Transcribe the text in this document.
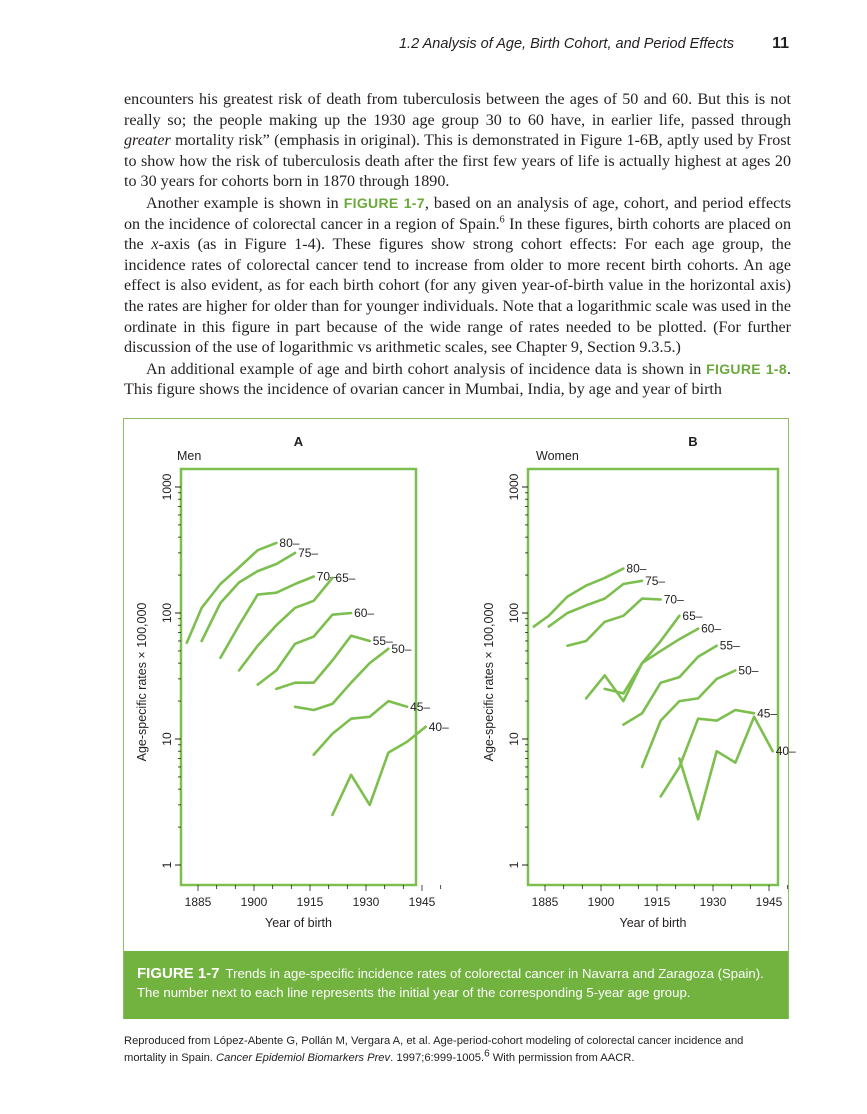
1.2 Analysis of Age, Birth Cohort, and Period Effects 11

encounters his greatest risk of death from tuberculosis between the ages of 50 and 60. But this is not really so; the people making up the 1930 age group 30 to 60 have, in earlier life, passed through greater mortality risk” (emphasis in original). This is demonstrated in Figure 1-6B, aptly used by Frost to show how the risk of tuberculosis death after the first few years of life is actually highest at ages 20 to 30 years for cohorts born in 1870 through 1890.

Another example is shown in FIGURE 1-7, based on an analysis of age, cohort, and period effects on the incidence of colorectal cancer in a region of Spain.$^6$ In these figures, birth cohorts are placed on the x-axis (as in Figure 1-4). These figures show strong cohort effects: For each age group, the incidence rates of colorectal cancer tend to increase from older to more recent birth cohorts. An age effect is also evident, as for each birth cohort (for any given year-of-birth value in the horizontal axis) the rates are higher for older than for younger individuals. Note that a logarithmic scale was used in the ordinate in this figure in part because of the wide range of rates needed to be plotted. (For further discussion of the use of logarithmic vs arithmetic scales, see Chapter 9, Section 9.3.5.)

An additional example of age and birth cohort analysis of incidence data is shown in FIGURE 1-8. This figure shows the incidence of ovarian cancer in Mumbai, India, by age and year of birth

A
Men
1
10
100
1000
1885 1900 1915 1930 1945
Year of birth
Age-specific rates × 100,000
80–
75–
70–
65–
60–
55–
50–
45–
40–
B
Women
1
10
100
1000
1885 1900 1915 1930 1945
Year of birth
Age-specific rates × 100,000
80–
75–
70–
65–
60–
55–
50–
45–
40–
FIGURE 1-7 Trends in age-specific incidence rates of colorectal cancer in Navarra and Zaragoza (Spain). The number next to each line represents the initial year of the corresponding 5-year age group.
Reproduced from López-Abente G, Pollán M, Vergara A, et al. Age-period-cohort modeling of colorectal cancer incidence and mortality in Spain. Cancer Epidemiol Biomarkers Prev. 1997;6:999-1005.$^6$ With permission from AACR.
